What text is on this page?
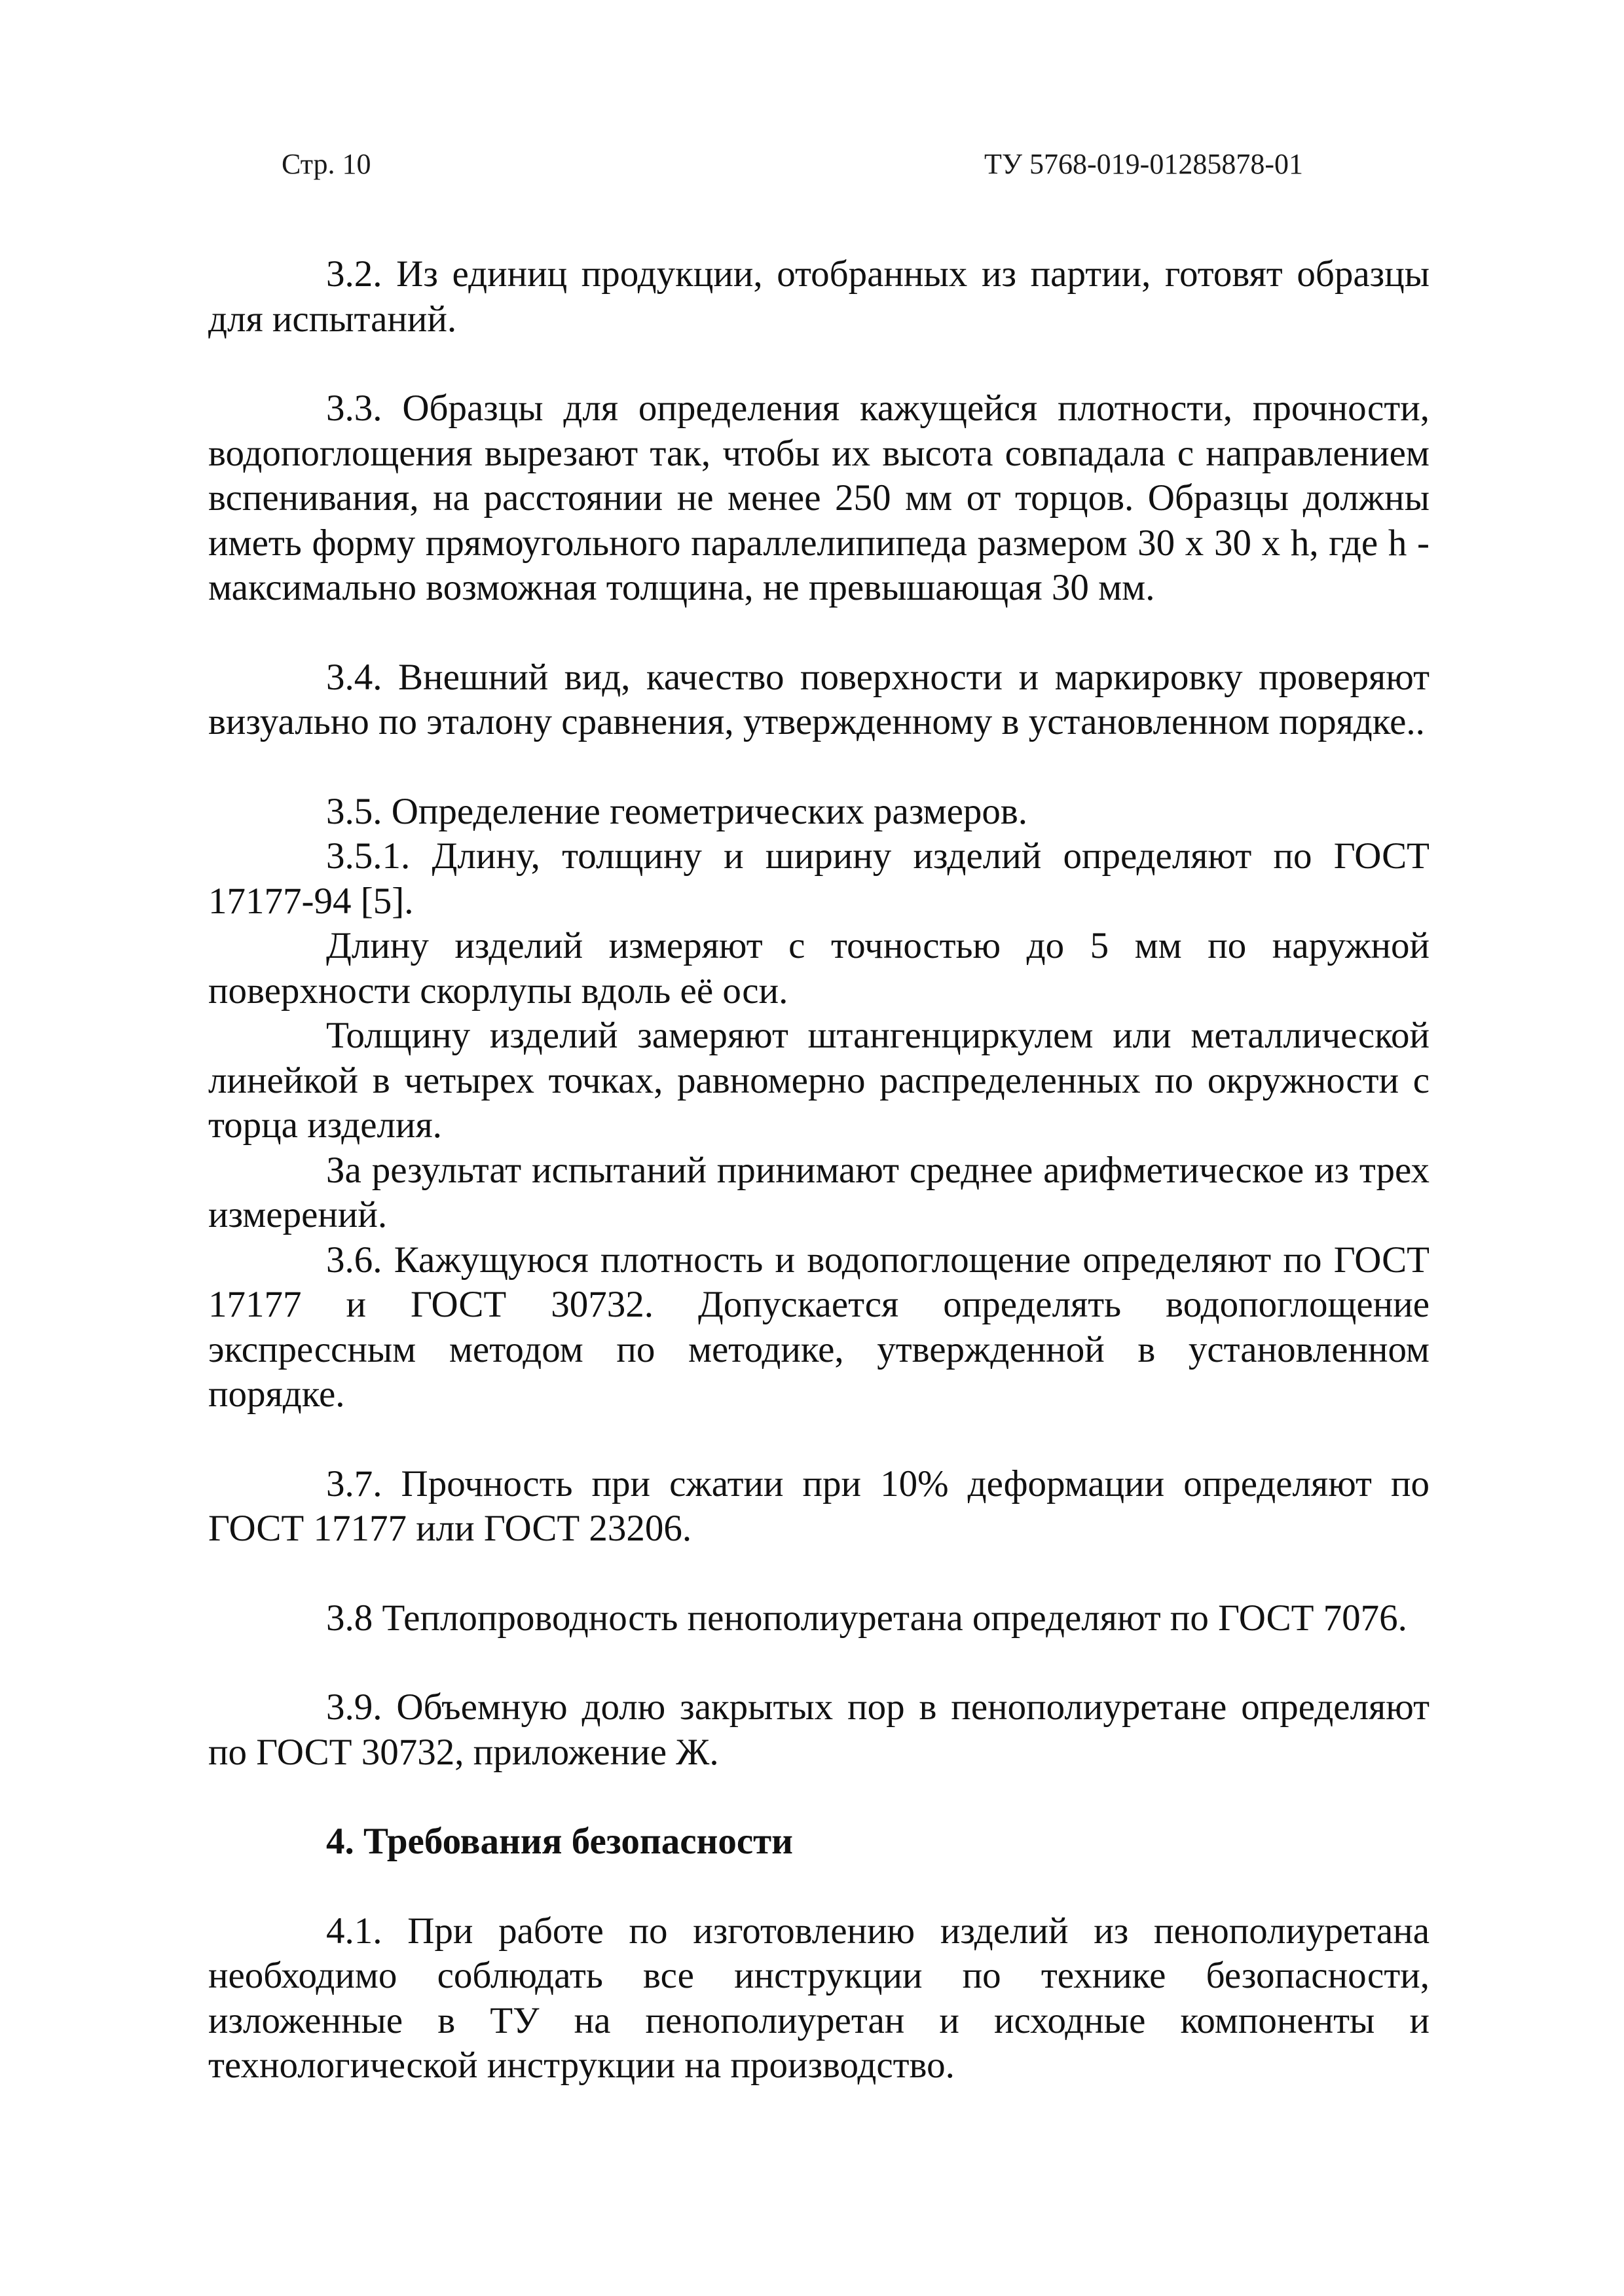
Стр. 10	ТУ 5768-019-01285878-01

3.2. Из единиц продукции, отобранных из партии, готовят образцы для испытаний.

3.3. Образцы для определения кажущейся плотности, прочности, водопоглощения вырезают так, чтобы их высота совпадала с направлением вспенивания, на расстоянии не менее 250 мм от торцов. Образцы должны иметь форму прямоугольного параллелипипеда размером 30 х 30 х h, где h - максимально возможная толщина, не превышающая 30 мм.

3.4. Внешний вид, качество поверхности и маркировку проверяют визуально по эталону сравнения, утвержденному в установленном порядке..

3.5. Определение геометрических размеров.

3.5.1. Длину, толщину и ширину изделий определяют по ГОСТ 17177-94 [5].

Длину изделий измеряют с точностью до 5 мм по наружной поверхности скорлупы вдоль её оси.

Толщину изделий замеряют штангенциркулем или металлической линейкой в четырех точках, равномерно распределенных по окружности с торца изделия.

За результат испытаний принимают среднее арифметическое из трех измерений.

3.6. Кажущуюся плотность и водопоглощение определяют по ГОСТ 17177 и ГОСТ 30732. Допускается определять водопоглощение экспрессным методом по методике, утвержденной в установленном порядке.

3.7. Прочность при сжатии при 10% деформации определяют по ГОСТ 17177 или ГОСТ 23206.

3.8 Теплопроводность пенополиуретана определяют по ГОСТ 7076.

3.9. Объемную долю закрытых пор в пенополиуретане определяют по ГОСТ 30732, приложение Ж.

4. Требования безопасности

4.1. При работе по изготовлению изделий из пенополиуретана необходимо соблюдать все инструкции по технике безопасности, изложенные в ТУ на пенополиуретан и исходные компоненты и технологической инструкции на производство.
